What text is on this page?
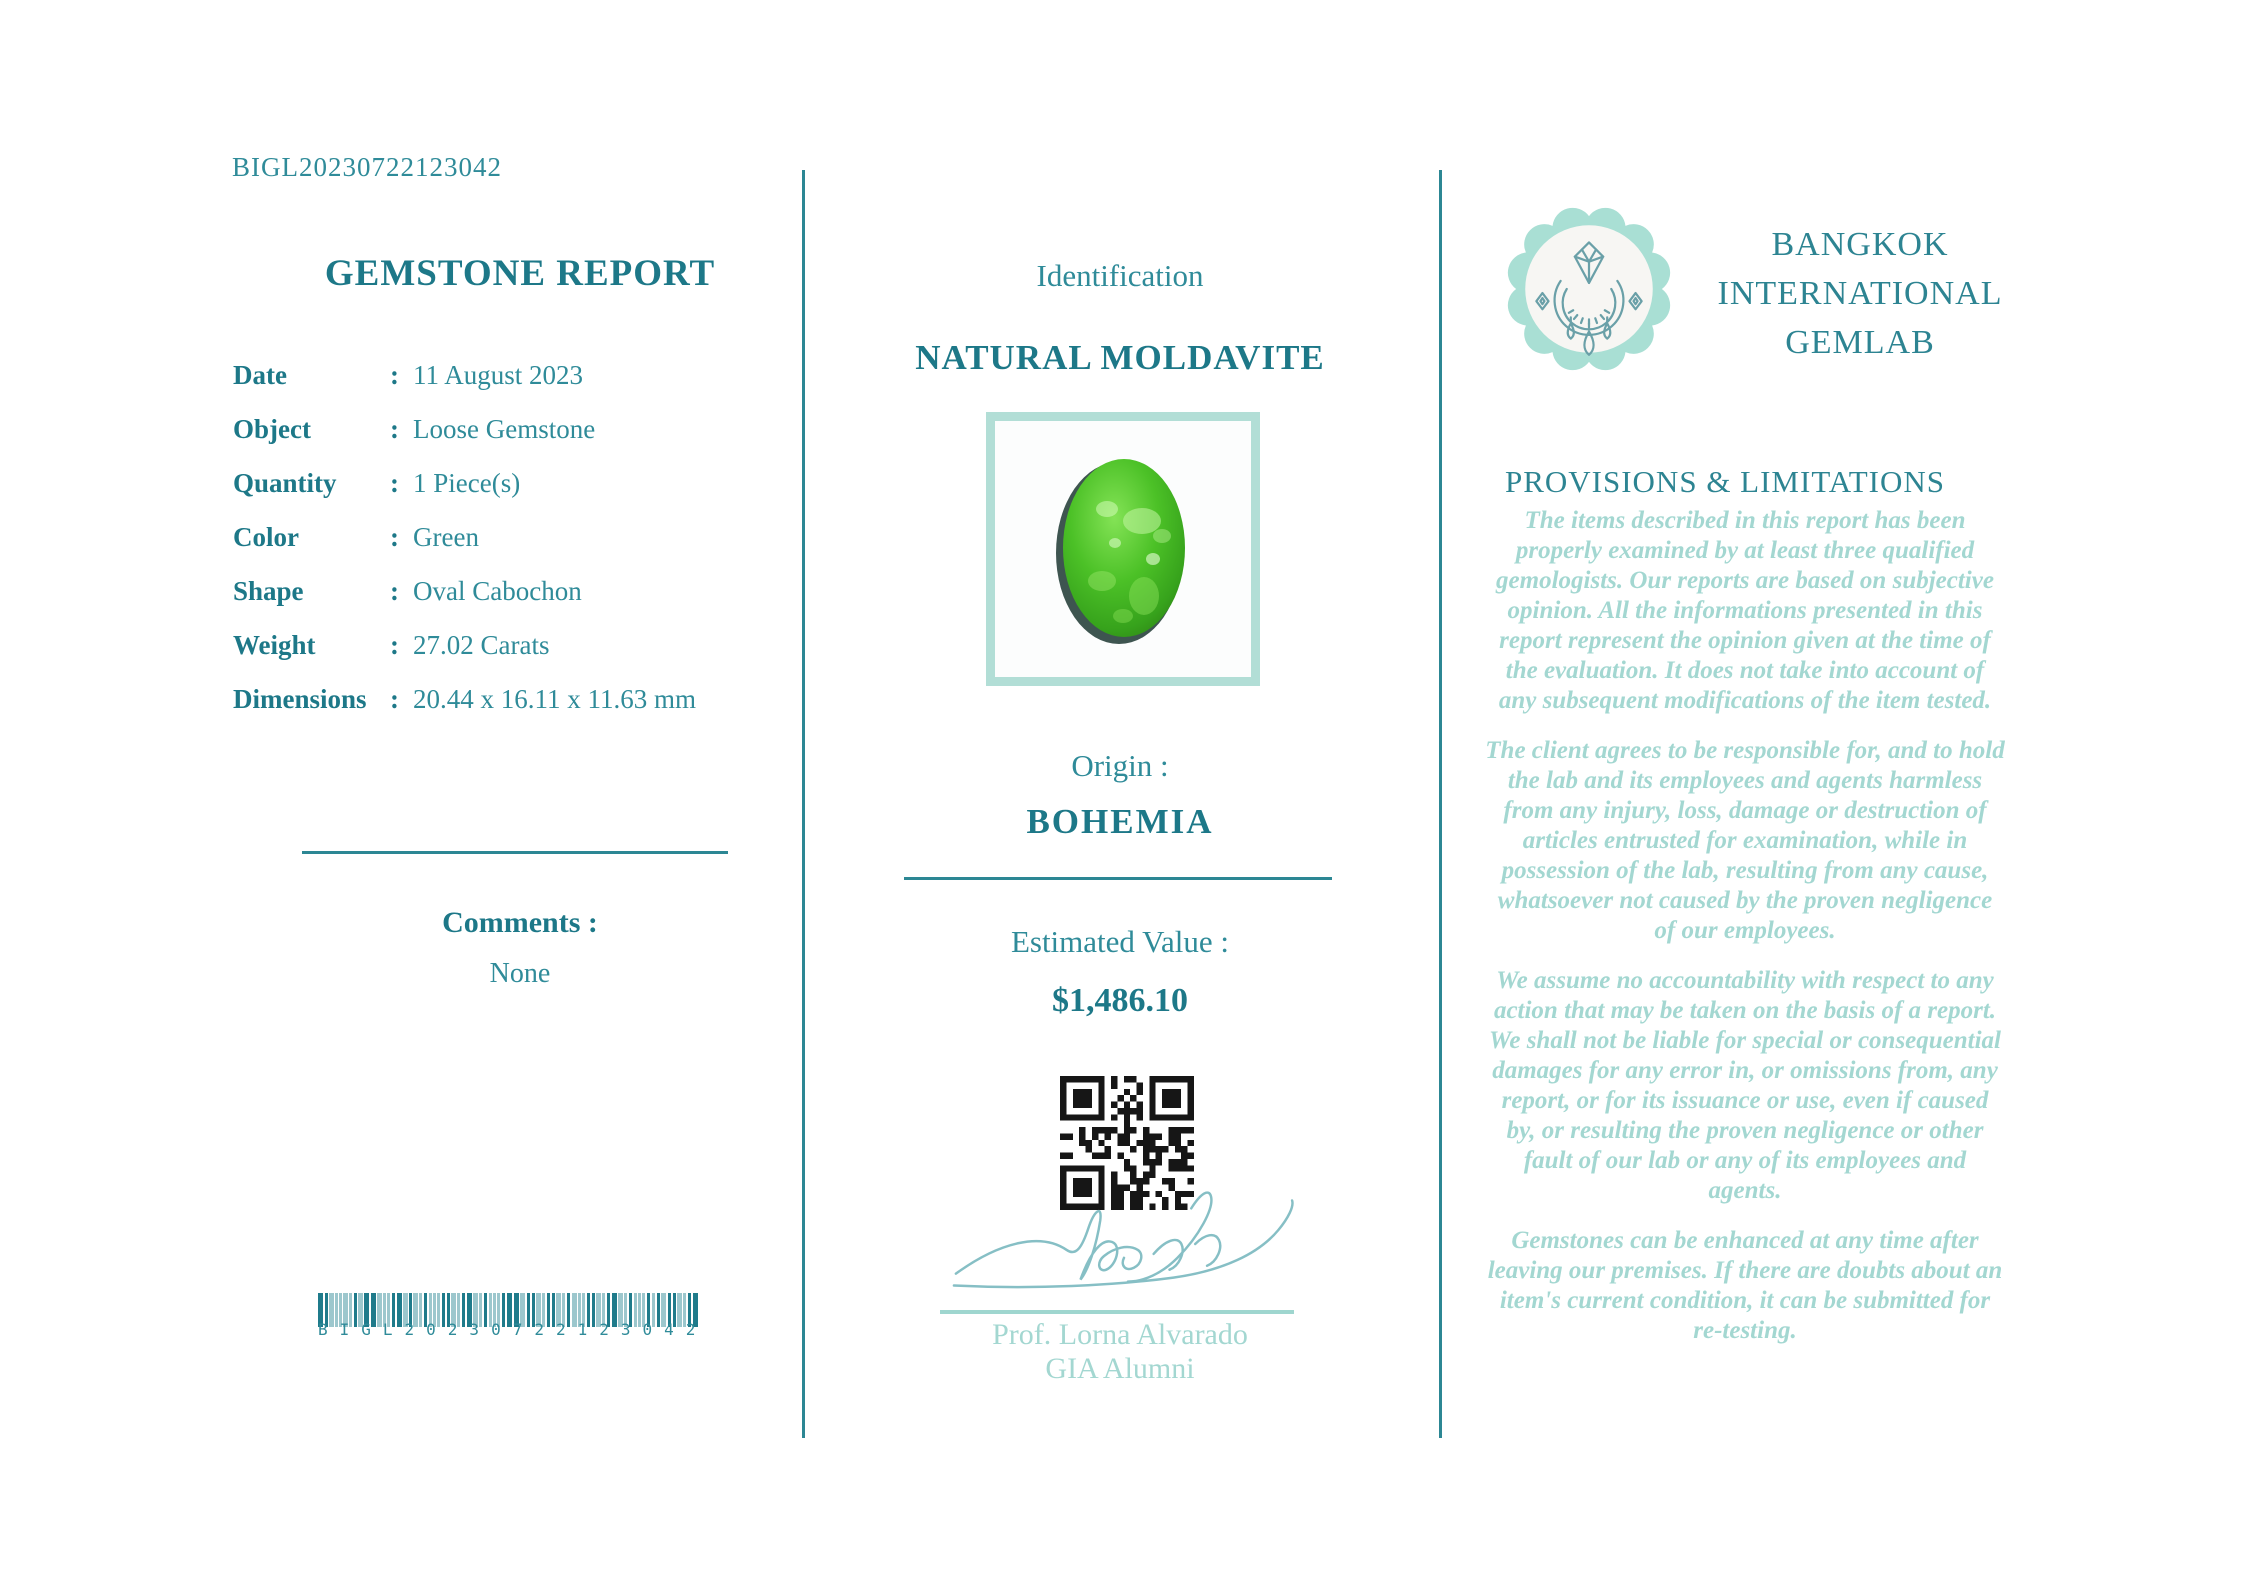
BIGL20230722123042
GEMSTONE REPORT
Date	: 11 August 2023
Object	: Loose Gemstone
Quantity	: 1 Piece(s)
Color	: Green
Shape	: Oval Cabochon
Weight	: 27.02 Carats
Dimensions : 20.44 x 16.11 x 11.63 mm
Comments :
None
BIGL20230722123042
Identification
NATURAL MOLDAVITE
Origin :
BOHEMIA
Estimated Value :
$1,486.10
Prof. Lorna Alvarado
GIA Alumni
BANGKOK
INTERNATIONAL
GEMLAB
PROVISIONS & LIMITATIONS

The items described in this report has been properly examined by at least three qualified gemologists. Our reports are based on subjective opinion. All the informations presented in this report represent the opinion given at the time of the evaluation. It does not take into account of any subsequent modifications of the item tested.

The client agrees to be responsible for, and to hold the lab and its employees and agents harmless from any injury, loss, damage or destruction of articles entrusted for examination, while in possession of the lab, resulting from any cause, whatsoever not caused by the proven negligence of our employees.

We assume no accountability with respect to any action that may be taken on the basis of a report. We shall not be liable for special or consequential damages for any error in, or omissions from, any report, or for its issuance or use, even if caused by, or resulting the proven negligence or other fault of our lab or any of its employees and agents.

Gemstones can be enhanced at any time after leaving our premises. If there are doubts about an item's current condition, it can be submitted for re-testing.
